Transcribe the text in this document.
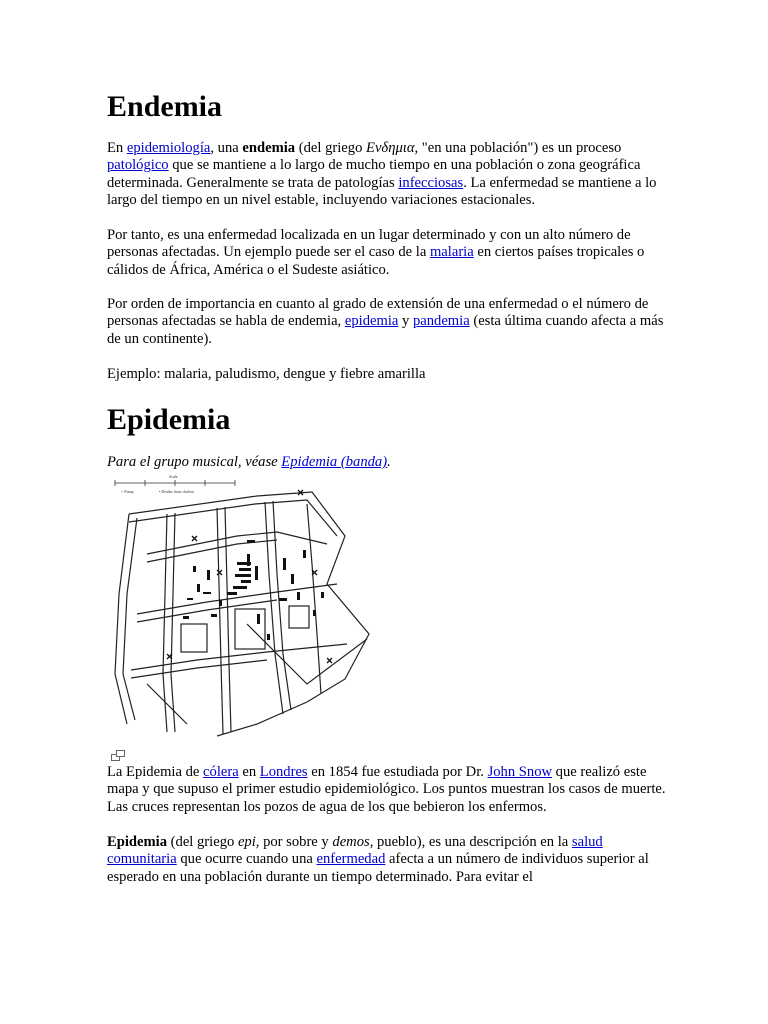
Endemia

En epidemiología, una endemia (del griego Ενδημια, "en una población") es un proceso patológico que se mantiene a lo largo de mucho tiempo en una población o zona geográfica determinada. Generalmente se trata de patologías infecciosas. La enfermedad se mantiene a lo largo del tiempo en un nivel estable, incluyendo variaciones estacionales.

Por tanto, es una enfermedad localizada en un lugar determinado y con un alto número de personas afectadas. Un ejemplo puede ser el caso de la malaria en ciertos países tropicales o cálidos de África, América o el Sudeste asiático.

Por orden de importancia en cuanto al grado de extensión de una enfermedad o el número de personas afectadas se habla de endemia, epidemia y pandemia (esta última cuando afecta a más de un continente).

Ejemplo: malaria, paludismo, dengue y fiebre amarilla

Epidemia

Para el grupo musical, véase Epidemia (banda).

Scale
× Pump	• Deaths from cholera

La Epidemia de cólera en Londres en 1854 fue estudiada por Dr. John Snow que realizó este mapa y que supuso el primer estudio epidemiológico. Los puntos muestran los casos de muerte. Las cruces representan los pozos de agua de los que bebieron los enfermos.

Epidemia (del griego epi, por sobre y demos, pueblo), es una descripción en la salud comunitaria que ocurre cuando una enfermedad afecta a un número de individuos superior al esperado en una población durante un tiempo determinado. Para evitar el
